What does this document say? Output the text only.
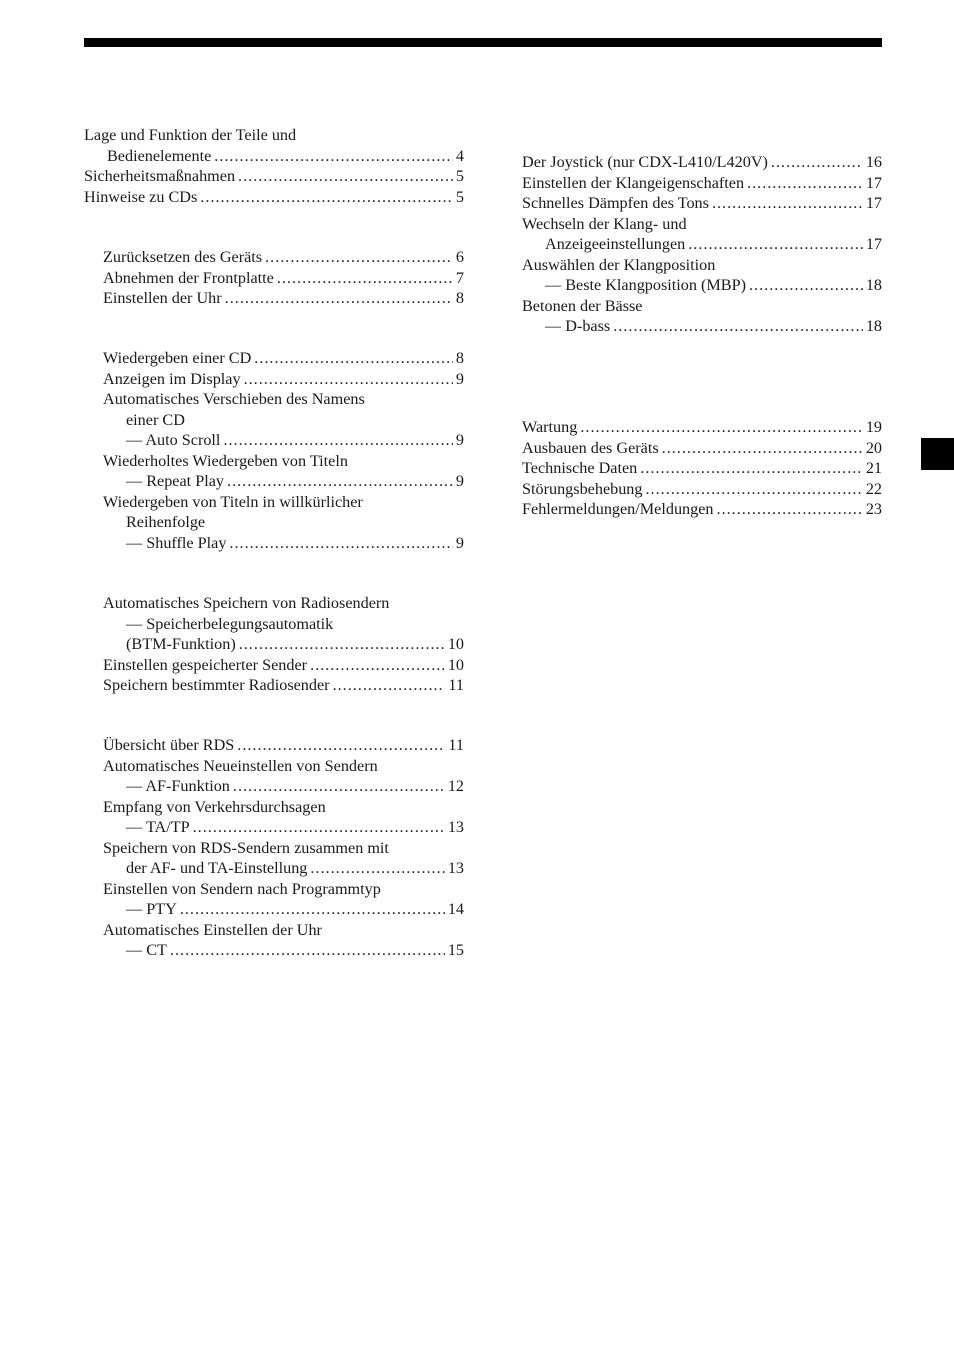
Lage und Funktion der Teile und
Bedienelemente .....	4
Sicherheitsmaßnahmen .....	5
Hinweise zu CDs .....	5
Zurücksetzen des Geräts .....	6
Abnehmen der Frontplatte .....	7
Einstellen der Uhr .....	8
Wiedergeben einer CD .....	8
Anzeigen im Display .....	9
Automatisches Verschieben des Namens
einer CD
— Auto Scroll .....	9
Wiederholtes Wiedergeben von Titeln
— Repeat Play .....	9
Wiedergeben von Titeln in willkürlicher
Reihenfolge
— Shuffle Play .....	9
Automatisches Speichern von Radiosendern
— Speicherbelegungsautomatik
(BTM-Funktion) .....	10
Einstellen gespeicherter Sender .....	10
Speichern bestimmter Radiosender .....	11
Übersicht über RDS .....	11
Automatisches Neueinstellen von Sendern
— AF-Funktion .....	12
Empfang von Verkehrsdurchsagen
— TA/TP .....	13
Speichern von RDS-Sendern zusammen mit
der AF- und TA-Einstellung .....	13
Einstellen von Sendern nach Programmtyp
— PTY .....	14
Automatisches Einstellen der Uhr
— CT .....	15
Der Joystick (nur CDX-L410/L420V) .....	16
Einstellen der Klangeigenschaften .....	17
Schnelles Dämpfen des Tons .....	17
Wechseln der Klang- und
Anzeigeeinstellungen .....	17
Auswählen der Klangposition
— Beste Klangposition (MBP) .....	18
Betonen der Bässe
— D-bass .....	18
Wartung .....	19
Ausbauen des Geräts .....	20
Technische Daten .....	21
Störungsbehebung .....	22
Fehlermeldungen/Meldungen .....	23
